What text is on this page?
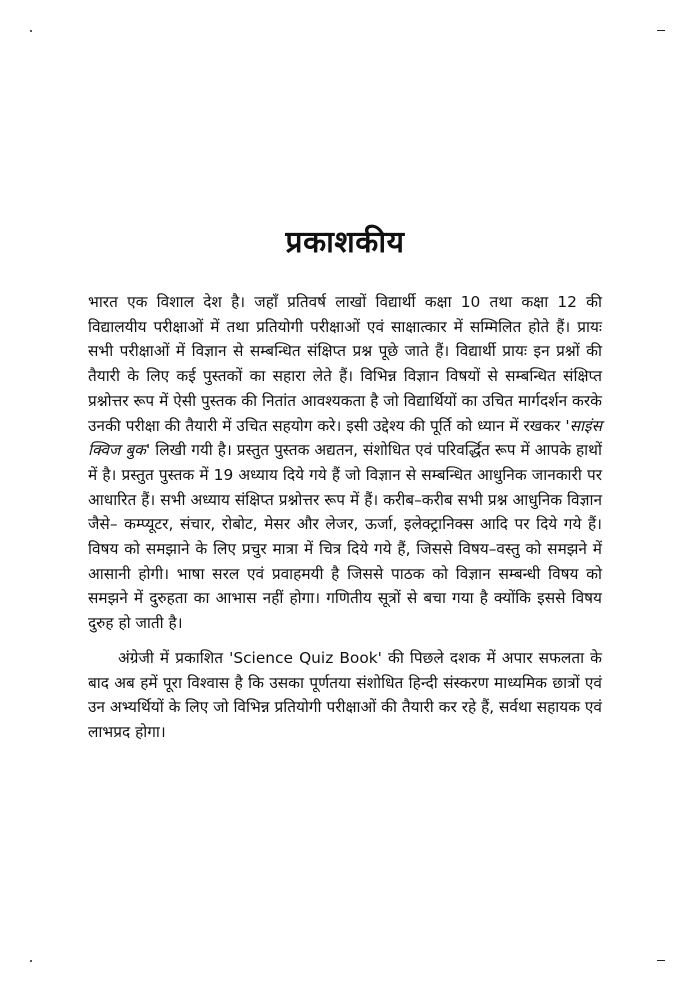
प्रकाशकीय

भारत एक विशाल देश है। जहाँ प्रतिवर्ष लाखों विद्यार्थी कक्षा 10 तथा कक्षा 12 की विद्यालयीय परीक्षाओं में तथा प्रतियोगी परीक्षाओं एवं साक्षात्कार में सम्मिलित होते हैं। प्रायः सभी परीक्षाओं में विज्ञान से सम्बन्धित संक्षिप्त प्रश्न पूछे जाते हैं। विद्यार्थी प्रायः इन प्रश्नों की तैयारी के लिए कई पुस्तकों का सहारा लेते हैं। विभिन्न विज्ञान विषयों से सम्बन्धित संक्षिप्त प्रश्नोत्तर रूप में ऐसी पुस्तक की नितांत आवश्यकता है जो विद्यार्थियों का उचित मार्गदर्शन करके उनकी परीक्षा की तैयारी में उचित सहयोग करे। इसी उद्देश्य की पूर्ति को ध्यान में रखकर 'साइंस क्विज बुक' लिखी गयी है। प्रस्तुत पुस्तक अद्यतन, संशोधित एवं परिवर्द्धित रूप में आपके हाथों में है। प्रस्तुत पुस्तक में 19 अध्याय दिये गये हैं जो विज्ञान से सम्बन्धित आधुनिक जानकारी पर आधारित हैं। सभी अध्याय संक्षिप्त प्रश्नोत्तर रूप में हैं। करीब–करीब सभी प्रश्न आधुनिक विज्ञान जैसे– कम्प्यूटर, संचार, रोबोट, मेसर और लेजर, ऊर्जा, इलेक्ट्रानिक्स आदि पर दिये गये हैं। विषय को समझाने के लिए प्रचुर मात्रा में चित्र दिये गये हैं, जिससे विषय–वस्तु को समझने में आसानी होगी। भाषा सरल एवं प्रवाहमयी है जिससे पाठक को विज्ञान सम्बन्धी विषय को समझने में दुरुहता का आभास नहीं होगा। गणितीय सूत्रों से बचा गया है क्योंकि इससे विषय दुरुह हो जाती है।

अंग्रेजी में प्रकाशित 'Science Quiz Book' की पिछले दशक में अपार सफलता के बाद अब हमें पूरा विश्वास है कि उसका पूर्णतया संशोधित हिन्दी संस्करण माध्यमिक छात्रों एवं उन अभ्यर्थियों के लिए जो विभिन्न प्रतियोगी परीक्षाओं की तैयारी कर रहे हैं, सर्वथा सहायक एवं लाभप्रद होगा।
